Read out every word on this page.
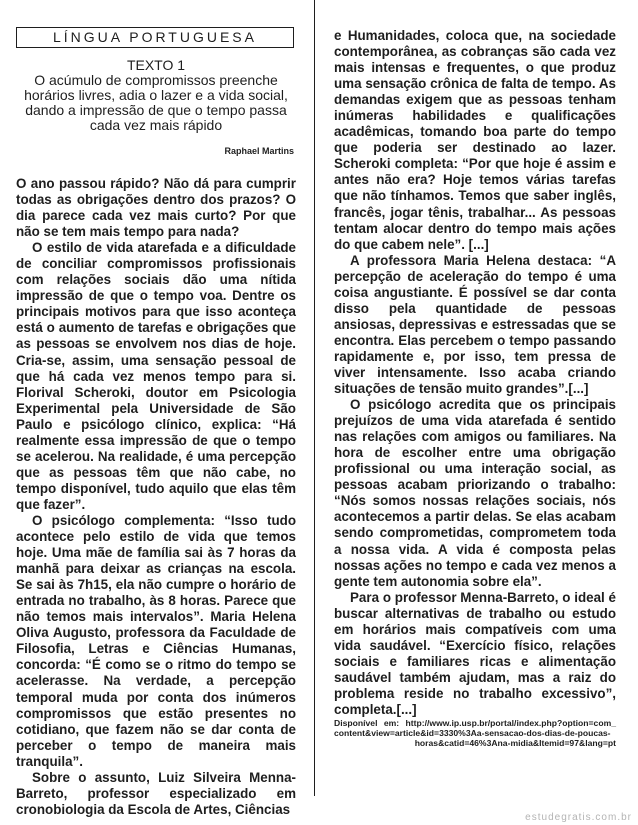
LÍNGUA PORTUGUESA
TEXTO 1
O acúmulo de compromissos preenche
horários livres, adia o lazer e a vida social,
dando a impressão de que o tempo passa
cada vez mais rápido
Raphael Martins

O ano passou rápido? Não dá para cumprir todas as obrigações dentro dos prazos? O dia parece cada vez mais curto? Por que não se tem mais tempo para nada?

O estilo de vida atarefada e a dificuldade de conciliar compromissos profissionais com relações sociais dão uma nítida impressão de que o tempo voa. Dentre os principais motivos para que isso aconteça está o aumento de tarefas e obrigações que as pessoas se envolvem nos dias de hoje. Cria-se, assim, uma sensação pessoal de que há cada vez menos tempo para si. Florival Scheroki, doutor em Psicologia Experimental pela Universidade de São Paulo e psicólogo clínico, explica: “Há realmente essa impressão de que o tempo se acelerou. Na realidade, é uma percepção que as pessoas têm que não cabe, no tempo disponível, tudo aquilo que elas têm que fazer”.

O psicólogo complementa: “Isso tudo acontece pelo estilo de vida que temos hoje. Uma mãe de família sai às 7 horas da manhã para deixar as crianças na escola. Se sai às 7h15, ela não cumpre o horário de entrada no trabalho, às 8 horas. Parece que não temos mais intervalos”. Maria Helena Oliva Augusto, professora da Faculdade de Filosofia, Letras e Ciências Humanas, concorda: “É como se o ritmo do tempo se acelerasse. Na verdade, a percepção temporal muda por conta dos inúmeros compromissos que estão presentes no cotidiano, que fazem não se dar conta de perceber o tempo de maneira mais tranquila”.

Sobre o assunto, Luiz Silveira Menna-Barreto, professor especializado em cronobiologia da Escola de Artes, Ciências

e Humanidades, coloca que, na sociedade contemporânea, as cobranças são cada vez mais intensas e frequentes, o que produz uma sensação crônica de falta de tempo. As demandas exigem que as pessoas tenham inúmeras habilidades e qualificações acadêmicas, tomando boa parte do tempo que poderia ser destinado ao lazer. Scheroki completa: “Por que hoje é assim e antes não era? Hoje temos várias tarefas que não tínhamos. Temos que saber inglês, francês, jogar tênis, trabalhar... As pessoas tentam alocar dentro do tempo mais ações do que cabem nele”. [...]

A professora Maria Helena destaca: “A percepção de aceleração do tempo é uma coisa angustiante. É possível se dar conta disso pela quantidade de pessoas ansiosas, depressivas e estressadas que se encontra. Elas percebem o tempo passando rapidamente e, por isso, tem pressa de viver intensamente. Isso acaba criando situações de tensão muito grandes”.[...]

O psicólogo acredita que os principais prejuízos de uma vida atarefada é sentido nas relações com amigos ou familiares. Na hora de escolher entre uma obrigação profissional ou uma interação social, as pessoas acabam priorizando o trabalho: “Nós somos nossas relações sociais, nós acontecemos a partir delas. Se elas acabam sendo comprometidas, comprometem toda a nossa vida. A vida é composta pelas nossas ações no tempo e cada vez menos a gente tem autonomia sobre ela”.

Para o professor Menna-Barreto, o ideal é buscar alternativas de trabalho ou estudo em horários mais compatíveis com uma vida saudável. “Exercício físico, relações sociais e familiares ricas e alimentação saudável também ajudam, mas a raiz do problema reside no trabalho excessivo”, completa.[...]

Disponível em: http://www.ip.usp.br/portal/index.php?option=com_
content&view=article&id=3330%3Aa-sensacao-dos-dias-de-poucas-
horas&catid=46%3Ana-midia&Itemid=97&lang=pt
estudegratis.com.br
